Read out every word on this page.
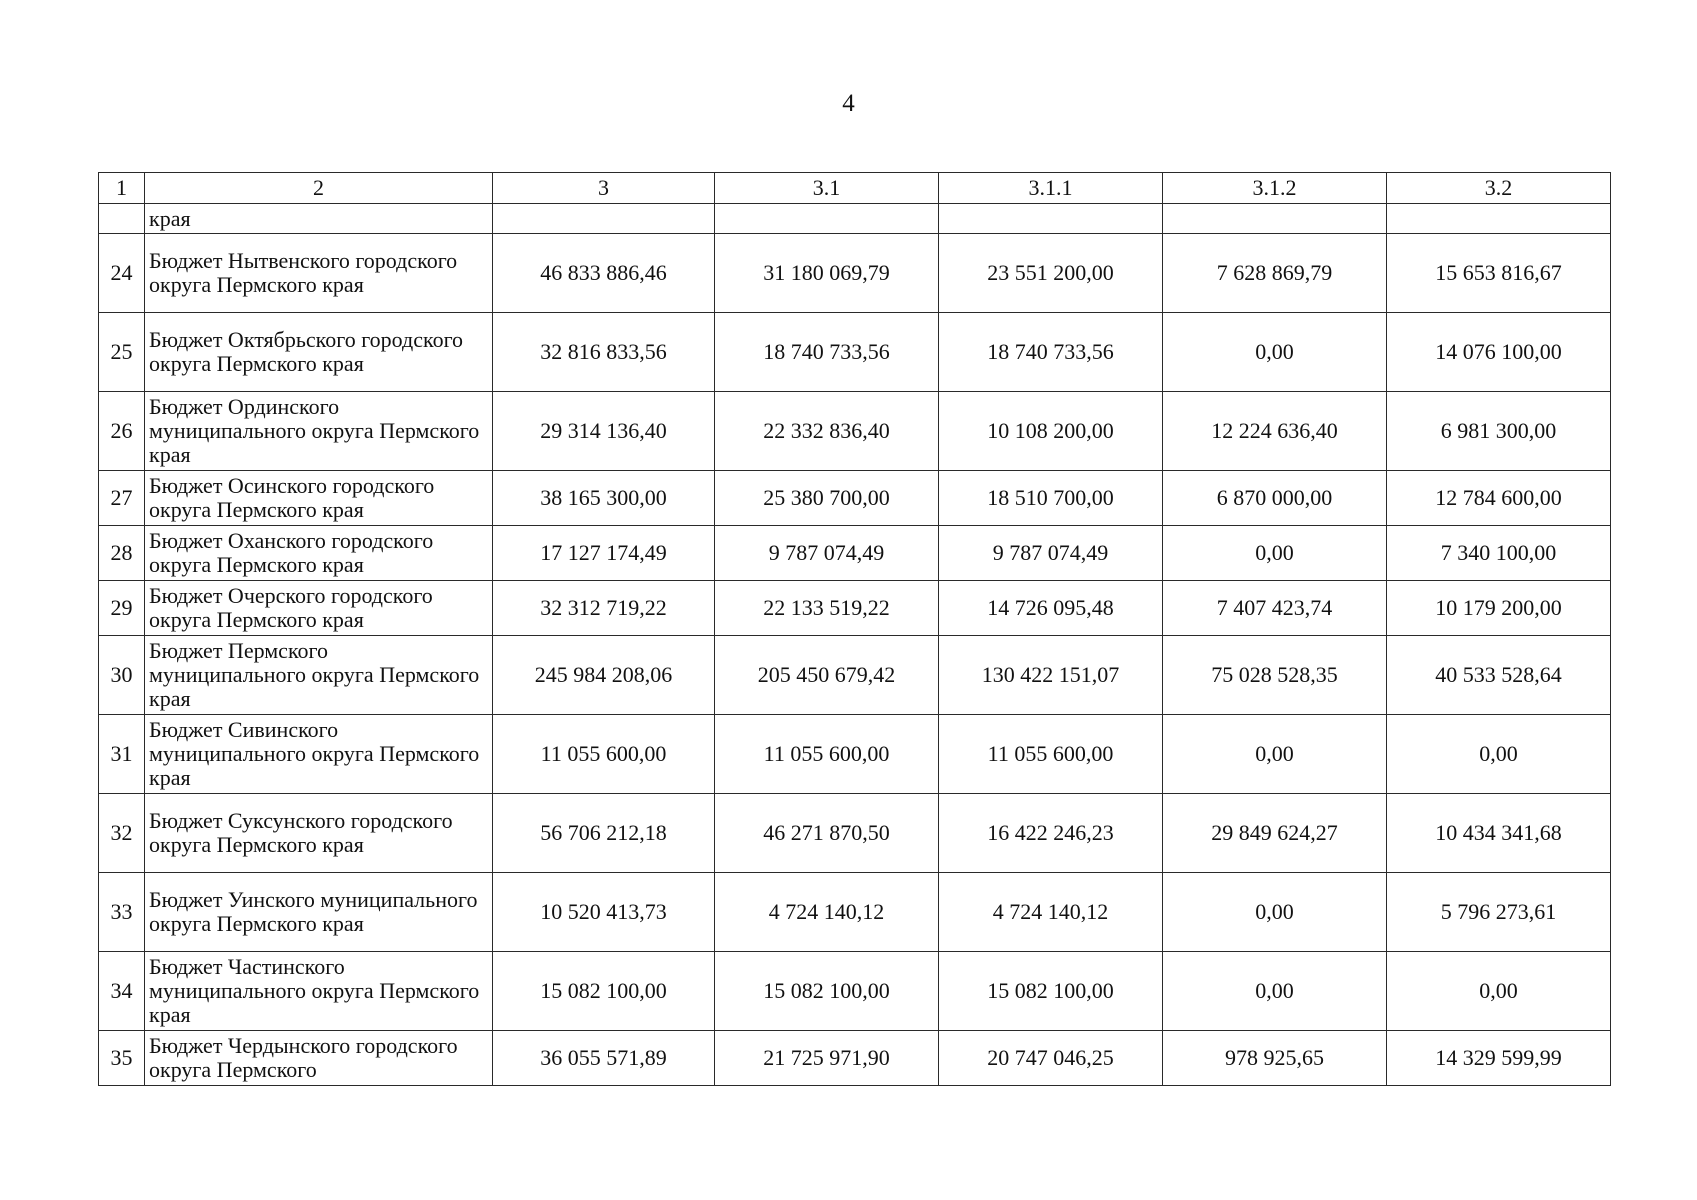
4
1	2	3	3.1	3.1.1	3.1.2	3.2
	края					
24	Бюджет Нытвенского городского округа Пермского края	46 833 886,46	31 180 069,79	23 551 200,00	7 628 869,79	15 653 816,67
25	Бюджет Октябрьского городского округа Пермского края	32 816 833,56	18 740 733,56	18 740 733,56	0,00	14 076 100,00
26	Бюджет Ординского муниципального округа Пермского края	29 314 136,40	22 332 836,40	10 108 200,00	12 224 636,40	6 981 300,00
27	Бюджет Осинского городского округа Пермского края	38 165 300,00	25 380 700,00	18 510 700,00	6 870 000,00	12 784 600,00
28	Бюджет Оханского городского округа Пермского края	17 127 174,49	9 787 074,49	9 787 074,49	0,00	7 340 100,00
29	Бюджет Очерского городского округа Пермского края	32 312 719,22	22 133 519,22	14 726 095,48	7 407 423,74	10 179 200,00
30	Бюджет Пермского муниципального округа Пермского края	245 984 208,06	205 450 679,42	130 422 151,07	75 028 528,35	40 533 528,64
31	Бюджет Сивинского муниципального округа Пермского края	11 055 600,00	11 055 600,00	11 055 600,00	0,00	0,00
32	Бюджет Суксунского городского округа Пермского края	56 706 212,18	46 271 870,50	16 422 246,23	29 849 624,27	10 434 341,68
33	Бюджет Уинского муниципального округа Пермского края	10 520 413,73	4 724 140,12	4 724 140,12	0,00	5 796 273,61
34	Бюджет Частинского муниципального округа Пермского края	15 082 100,00	15 082 100,00	15 082 100,00	0,00	0,00
35	Бюджет Чердынского городского округа Пермского	36 055 571,89	21 725 971,90	20 747 046,25	978 925,65	14 329 599,99
